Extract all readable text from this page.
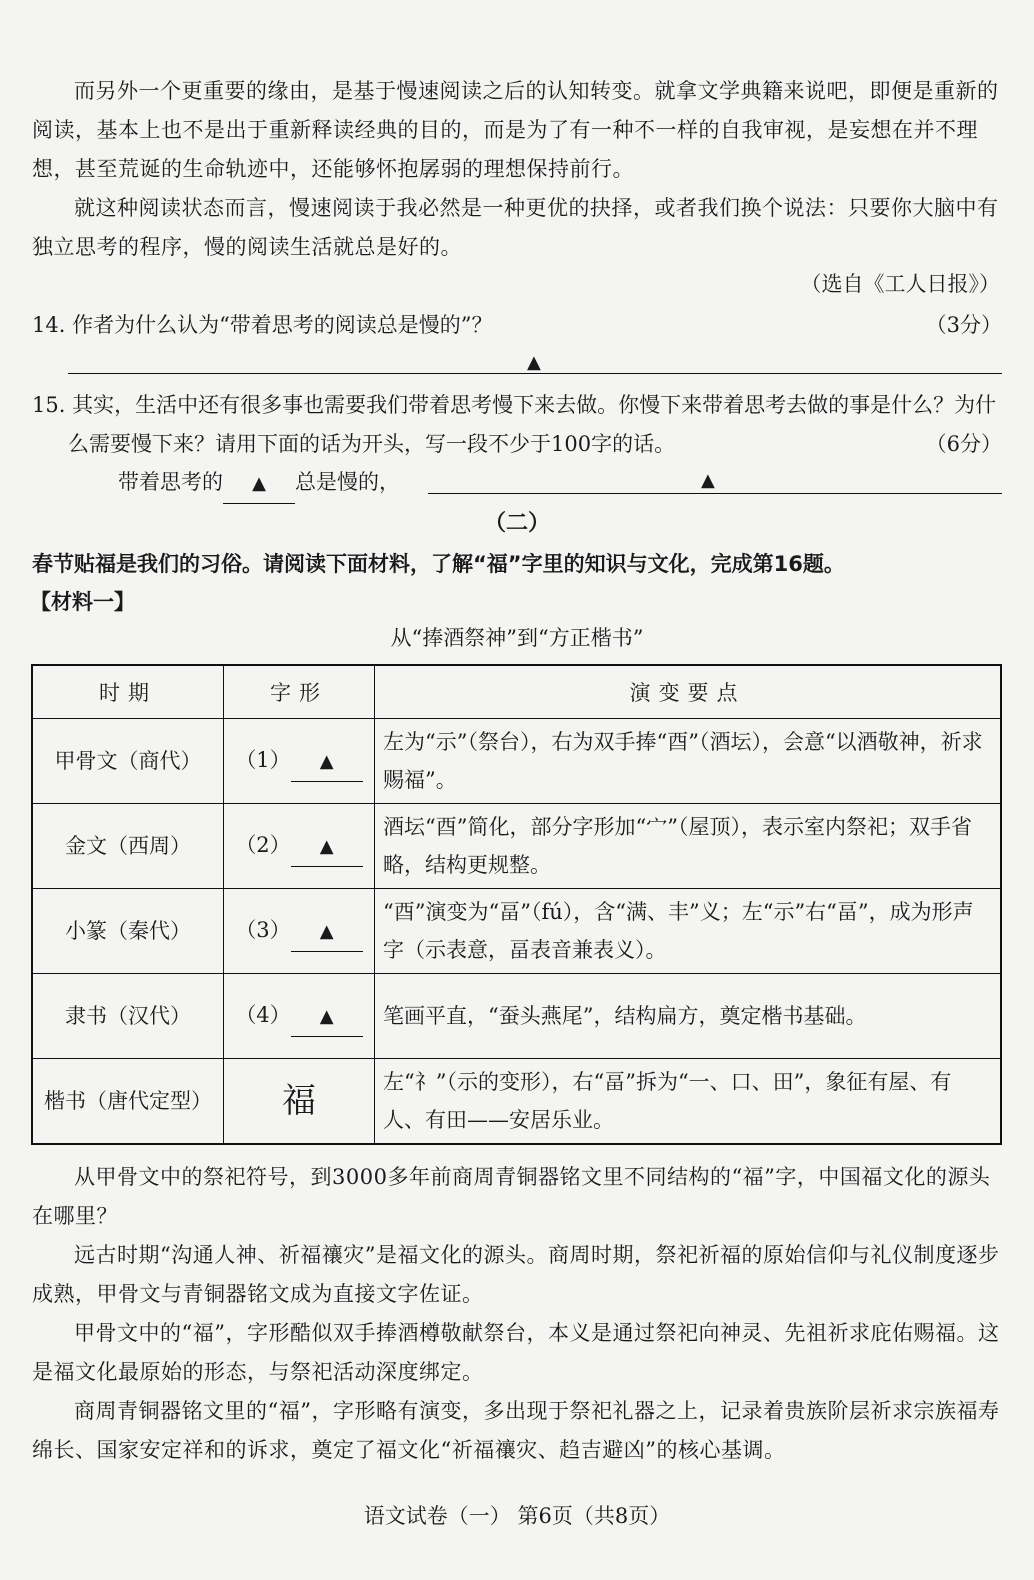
而另外一个更重要的缘由，是基于慢速阅读之后的认知转变。就拿文学典籍来说吧，即便是重新的阅读，基本上也不是出于重新释读经典的目的，而是为了有一种不一样的自我审视，是妄想在并不理想，甚至荒诞的生命轨迹中，还能够怀抱孱弱的理想保持前行。

就这种阅读状态而言，慢速阅读于我必然是一种更优的抉择，或者我们换个说法：只要你大脑中有独立思考的程序，慢的阅读生活就总是好的。

（选自《工人日报》）
14. 作者为什么认为“带着思考的阅读总是慢的”？	（3分）
▲
15. 其实，生活中还有很多事也需要我们带着思考慢下来去做。你慢下来带着思考去做的事是什么？为什么需要慢下来？请用下面的话为开头，写一段不少于100字的话。	（6分）
带着思考的 ▲ 总是慢的，	▲
（二）
春节贴福是我们的习俗。请阅读下面材料，了解“福”字里的知识与文化，完成第16题。
【材料一】
从“捧酒祭神”到“方正楷书”
时期	字形	演变要点
甲骨文（商代）	（1） ▲	左为“示”（祭台），右为双手捧“酉”（酒坛），会意“以酒敬神，祈求赐福”。
金文（西周）	（2） ▲	酒坛“酉”简化，部分字形加“宀”（屋顶），表示室内祭祀；双手省略，结构更规整。
小篆（秦代）	（3） ▲	“酉”演变为“畐”（fú），含“满、丰”义；左“示”右“畐”，成为形声字（示表意，畐表音兼表义）。
隶书（汉代）	（4） ▲	笔画平直，“蚕头燕尾”，结构扁方，奠定楷书基础。
楷书（唐代定型）	福	左“礻”（示的变形），右“畐”拆为“一、口、田”，象征有屋、有人、有田——安居乐业。

从甲骨文中的祭祀符号，到3000多年前商周青铜器铭文里不同结构的“福”字，中国福文化的源头在哪里？

远古时期“沟通人神、祈福禳灾”是福文化的源头。商周时期，祭祀祈福的原始信仰与礼仪制度逐步成熟，甲骨文与青铜器铭文成为直接文字佐证。

甲骨文中的“福”，字形酷似双手捧酒樽敬献祭台，本义是通过祭祀向神灵、先祖祈求庇佑赐福。这是福文化最原始的形态，与祭祀活动深度绑定。

商周青铜器铭文里的“福”，字形略有演变，多出现于祭祀礼器之上，记录着贵族阶层祈求宗族福寿绵长、国家安定祥和的诉求，奠定了福文化“祈福禳灾、趋吉避凶”的核心基调。

语文试卷（一） 第6页（共8页）
